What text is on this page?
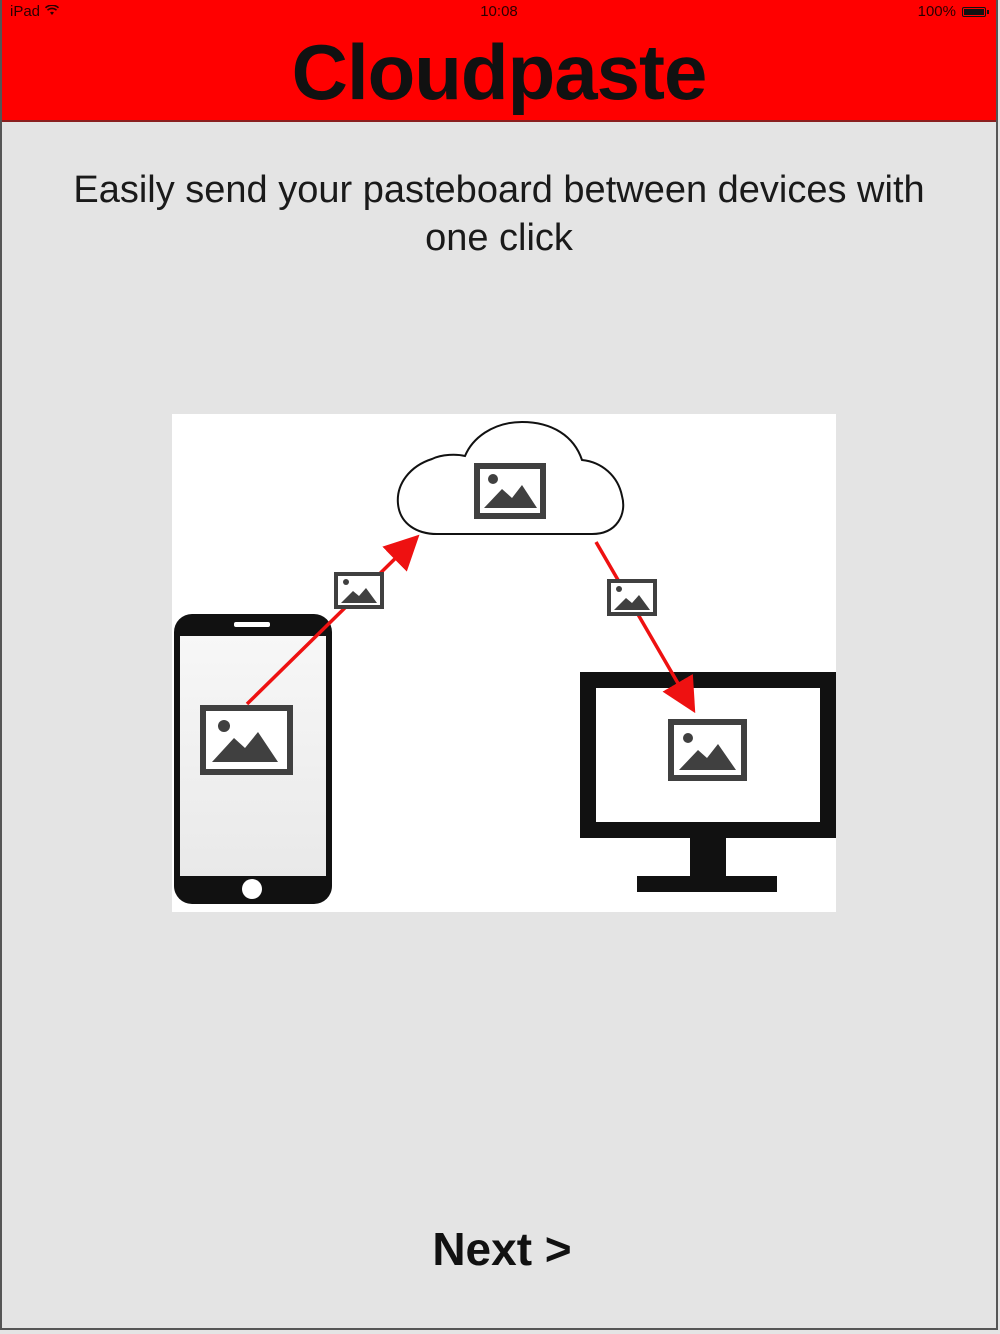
iPad	10:08	100%
Cloudpaste
Easily send your pasteboard between devices with one click
Next >
